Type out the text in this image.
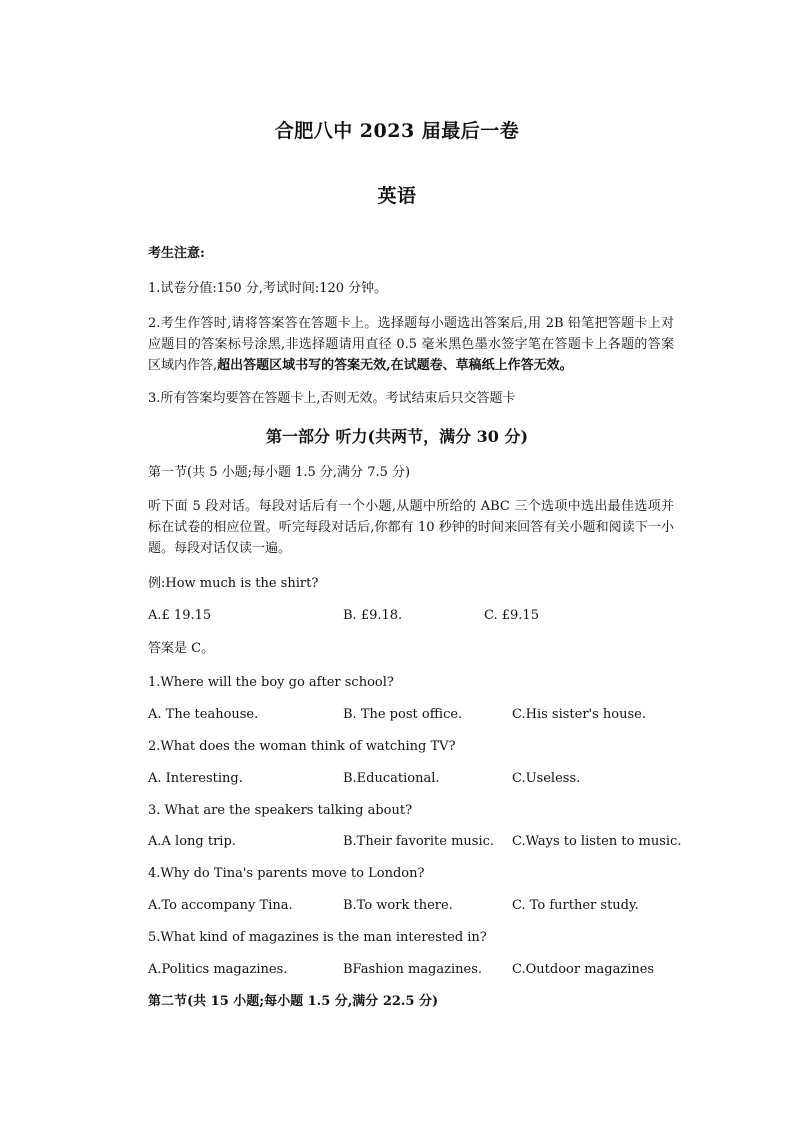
合肥八中 2023 届最后一卷
英语
考生注意:
1.试卷分值:150 分,考试时间:120 分钟。
2.考生作答时,请将答案答在答题卡上。选择题每小题选出答案后,用 2B 铅笔把答题卡上对应题目的答案标号涂黑,非选择题请用直径 0.5 毫米黑色墨水签字笔在答题卡上各题的答案区域内作答,超出答题区域书写的答案无效,在试题卷、草稿纸上作答无效。
3.所有答案均要答在答题卡上,否则无效。考试结束后只交答题卡
第一部分 听力(共两节，满分 30 分)
第一节(共 5 小题;每小题 1.5 分,满分 7.5 分)
听下面 5 段对话。每段对话后有一个小题,从题中所给的 ABC 三个选项中选出最佳选项并标在试卷的相应位置。听完每段对话后,你都有 10 秒钟的时间来回答有关小题和阅读下一小题。每段对话仅读一遍。
例:How much is the shirt?
A.£ 19.15	B. £9.18.	C. £9.15
答案是 C。
1.Where will the boy go after school?
A. The teahouse.	B. The post office.	C.His sister's house.
2.What does the woman think of watching TV?
A. Interesting.	B.Educational.	C.Useless.
3. What are the speakers talking about?
A.A long trip.	B.Their favorite music. C.Ways to listen to music.
4.Why do Tina's parents move to London?
A.To accompany Tina.	B.To work there.	C. To further study.
5.What kind of magazines is the man interested in?
A.Politics magazines.	BFashion magazines. C.Outdoor magazines
第二节(共 15 小题;每小题 1.5 分,满分 22.5 分)
